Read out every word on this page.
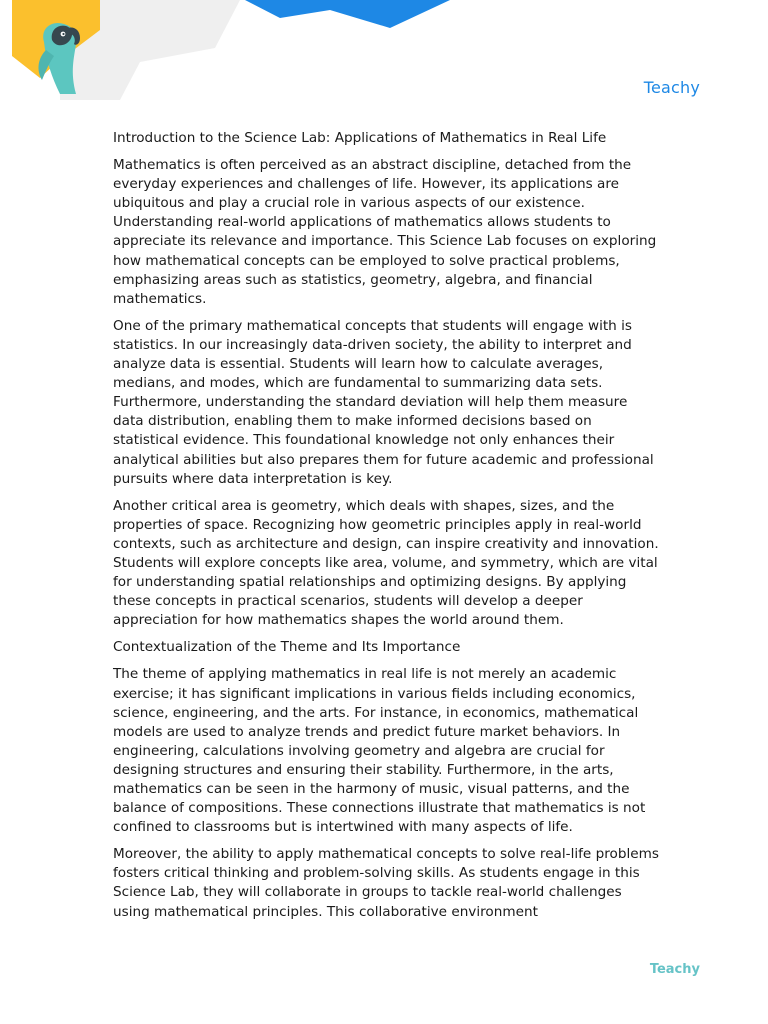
Teachy

Introduction to the Science Lab: Applications of Mathematics in Real Life

Mathematics is often perceived as an abstract discipline, detached from the everyday experiences and challenges of life. However, its applications are ubiquitous and play a crucial role in various aspects of our existence. Understanding real-world applications of mathematics allows students to appreciate its relevance and importance. This Science Lab focuses on exploring how mathematical concepts can be employed to solve practical problems, emphasizing areas such as statistics, geometry, algebra, and financial mathematics.

One of the primary mathematical concepts that students will engage with is statistics. In our increasingly data-driven society, the ability to interpret and analyze data is essential. Students will learn how to calculate averages, medians, and modes, which are fundamental to summarizing data sets. Furthermore, understanding the standard deviation will help them measure data distribution, enabling them to make informed decisions based on statistical evidence. This foundational knowledge not only enhances their analytical abilities but also prepares them for future academic and professional pursuits where data interpretation is key.

Another critical area is geometry, which deals with shapes, sizes, and the properties of space. Recognizing how geometric principles apply in real-world contexts, such as architecture and design, can inspire creativity and innovation. Students will explore concepts like area, volume, and symmetry, which are vital for understanding spatial relationships and optimizing designs. By applying these concepts in practical scenarios, students will develop a deeper appreciation for how mathematics shapes the world around them.

Contextualization of the Theme and Its Importance

The theme of applying mathematics in real life is not merely an academic exercise; it has significant implications in various fields including economics, science, engineering, and the arts. For instance, in economics, mathematical models are used to analyze trends and predict future market behaviors. In engineering, calculations involving geometry and algebra are crucial for designing structures and ensuring their stability. Furthermore, in the arts, mathematics can be seen in the harmony of music, visual patterns, and the balance of compositions. These connections illustrate that mathematics is not confined to classrooms but is intertwined with many aspects of life.

Moreover, the ability to apply mathematical concepts to solve real-life problems fosters critical thinking and problem-solving skills. As students engage in this Science Lab, they will collaborate in groups to tackle real-world challenges using mathematical principles. This collaborative environment

Teachy
